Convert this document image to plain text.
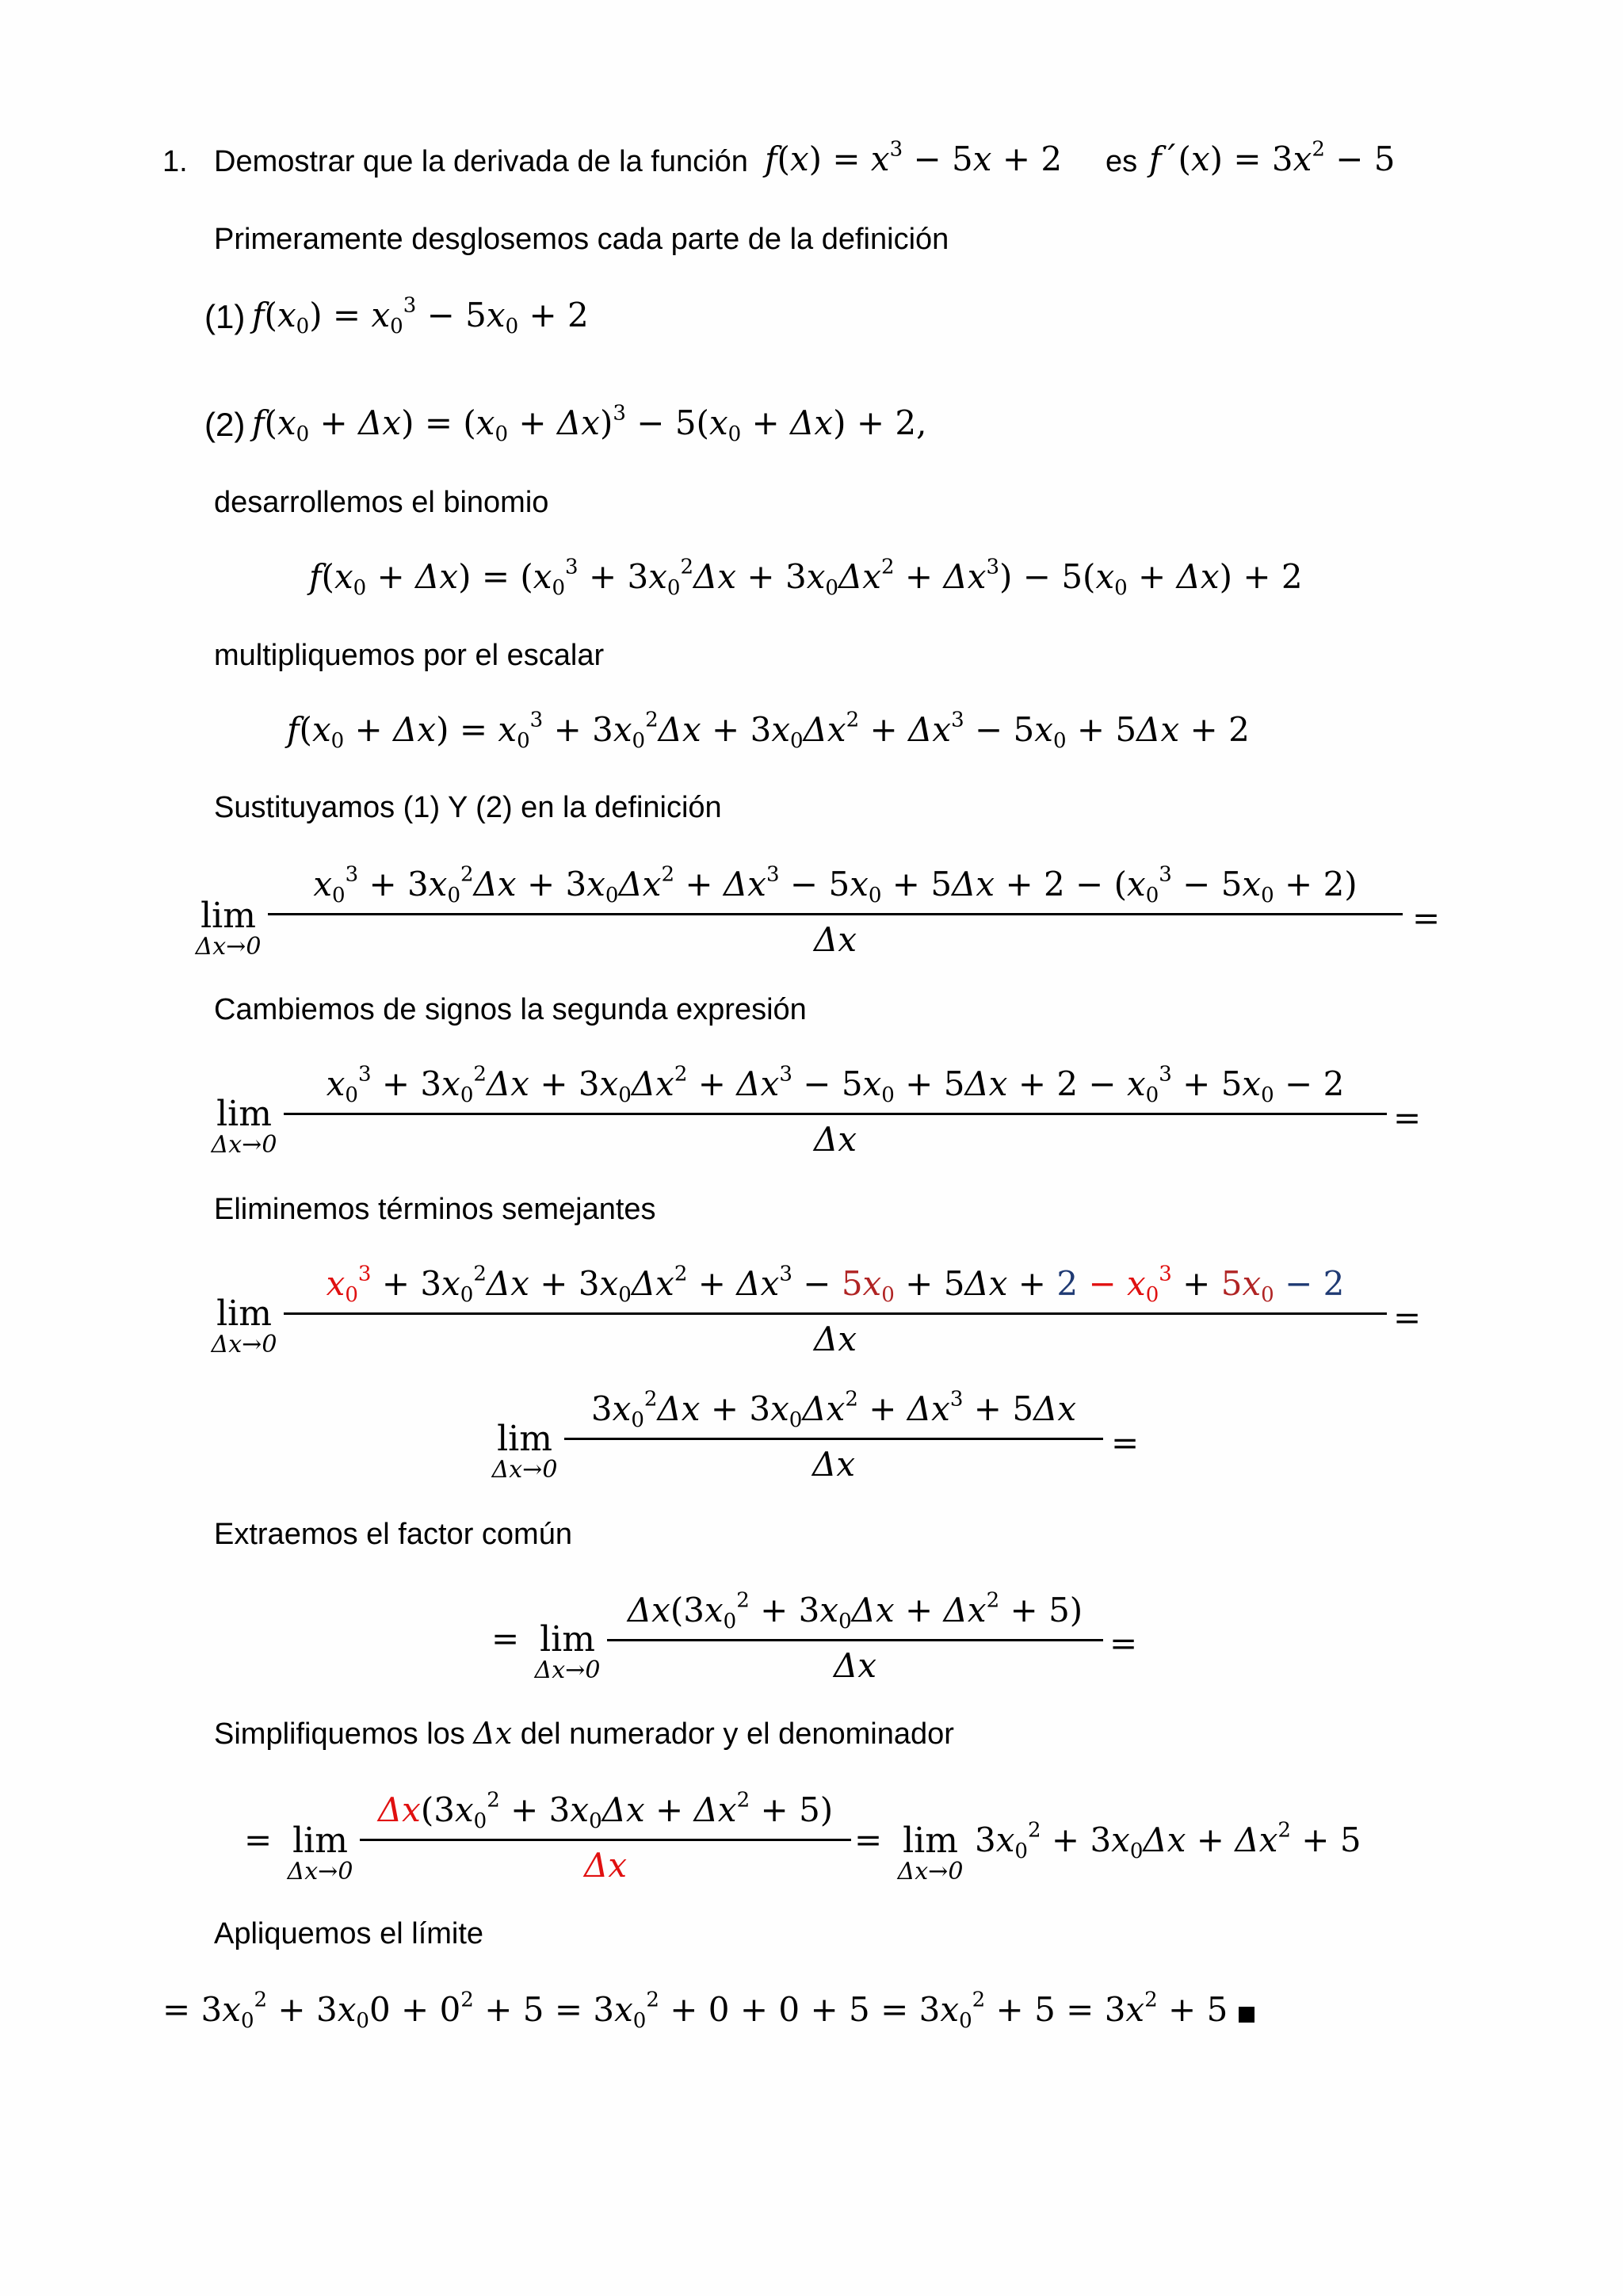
1. Demostrar que la derivada de la función $f(x) = x^3 - 5x + 2$ es f´(x) = $3x^2 - 5$
Primeramente desglosemos cada parte de la definición
(1) $f(x_0) = x_0^3 - 5x_0 + 2$
(2) $f(x_0 + \Delta x) = (x_0 + \Delta x)^3 - 5(x_0 + \Delta x) + 2$,
desarrollemos el binomio
$f(x_0 + \Delta x) = (x_0^3 + 3x_0^2\Delta x + 3x_0\Delta x^2 + \Delta x^3) - 5(x_0 + \Delta x) + 2$
multipliquemos por el escalar
$f(x_0 + \Delta x) = x_0^3 + 3x_0^2\Delta x + 3x_0\Delta x^2 + \Delta x^3 - 5x_0 + 5\Delta x + 2$
Sustituyamos (1) Y (2) en la definición
lim
Δx→0
$x_0^3 + 3x_0^2\Delta x + 3x_0\Delta x^2 + \Delta x^3 - 5x_0 + 5\Delta x + 2 - (x_0^3 - 5x_0 + 2)$
Δx
=
Cambiemos de signos la segunda expresión
lim
Δx→0
$x_0^3 + 3x_0^2\Delta x + 3x_0\Delta x^2 + \Delta x^3 - 5x_0 + 5\Delta x + 2 - x_0^3 + 5x_0 - 2$
Δx
=
Eliminemos términos semejantes
lim
Δx→0
$x_0^3 + 3x_0^2\Delta x + 3x_0\Delta x^2 + \Delta x^3 - 5x_0 + 5\Delta x + 2 - x_0^3 + 5x_0 - 2$
Δx
=
lim
Δx→0
$3x_0^2\Delta x + 3x_0\Delta x^2 + \Delta x^3 + 5\Delta x$
Δx
=
Extraemos el factor común
= lim
Δx→0
$\Delta x(3x_0^2 + 3x_0\Delta x + \Delta x^2 + 5)$
Δx
=
Simplifiquemos los Δx del numerador y el denominador
= lim
Δx→0
$\Delta x(3x_0^2 + 3x_0\Delta x + \Delta x^2 + 5)$
Δx
= lim
Δx→0
$3x_0^2 + 3x_0\Delta x + \Delta x^2 + 5$
Apliquemos el límite
= $3x_0^2 + 3x_00 + 0^2 + 5 = 3x_0^2 + 0 + 0 + 5 = 3x_0^2 + 5 = 3x^2 + 5$
